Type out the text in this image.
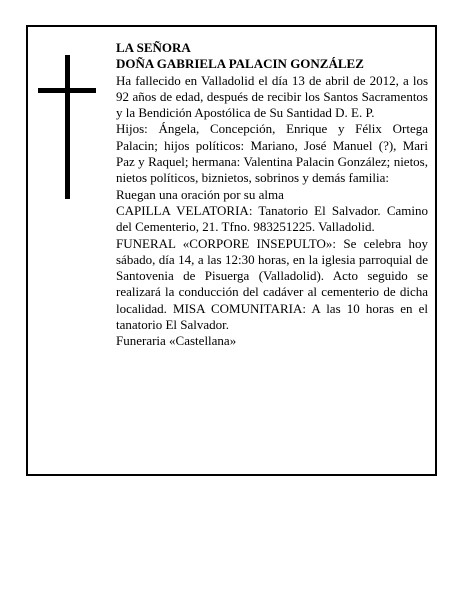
LA SEÑORA

DOÑA GABRIELA PALACIN GONZÁLEZ

Ha fallecido en Valladolid el día 13 de abril de 2012, a los 92 años de edad, después de recibir los Santos Sacramentos y la Bendición Apostólica de Su Santidad D. E. P.

Hijos: Ángela, Concepción, Enrique y Félix Ortega Palacin; hijos políticos: Mariano, José Manuel (?), Mari Paz y Raquel; hermana: Valentina Palacin González; nietos, nietos políticos, biznietos, sobrinos y demás familia:

Ruegan una oración por su alma

CAPILLA VELATORIA: Tanatorio El Salvador. Camino del Cementerio, 21. Tfno. 983251225. Valladolid.

FUNERAL «CORPORE INSEPULTO»: Se celebra hoy sábado, día 14, a las 12:30 horas, en la iglesia parroquial de Santovenia de Pisuerga (Valladolid). Acto seguido se realizará la conducción del cadáver al cementerio de dicha localidad. MISA COMUNITARIA: A las 10 horas en el tanatorio El Salvador.

Funeraria «Castellana»
